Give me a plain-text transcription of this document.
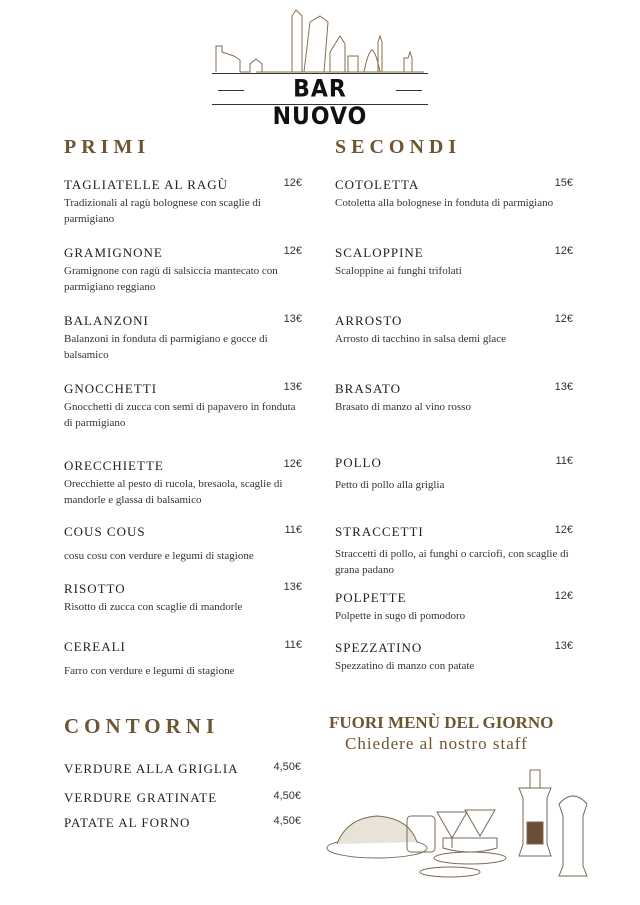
BAR NUOVO
PRIMI	SECONDI
TAGLIATELLE AL RAGÙ	12€
Tradizionali al ragù bolognese con scaglie di parmigiano
GRAMIGNONE	12€
Gramignone con ragù di salsiccia mantecato con parmigiano reggiano
BALANZONI	13€
Balanzoni in fonduta di parmigiano e gocce di balsamico
GNOCCHETTI	13€
Gnocchetti di zucca con semi di papavero in fonduta di parmigiano
ORECCHIETTE	12€
Orecchiette al pesto di rucola, bresaola, scaglie di mandorle e glassa di balsamico
COUS COUS	11€
cosu cosu con verdure e legumi di stagione
RISOTTO	13€
Risotto di zucca con scaglie di mandorle
CEREALI	11€
Farro con verdure e legumi di stagione
COTOLETTA	15€
Cotoletta alla bolognese in fonduta di parmigiano
SCALOPPINE	12€
Scaloppine ai funghi trifolati
ARROSTO	12€
Arrosto di tacchino in salsa demi glace
BRASATO	13€
Brasato di manzo al vino rosso
POLLO	11€
Petto di pollo alla griglia
STRACCETTI	12€
Straccetti di pollo, ai funghi o carciofi, con scaglie di grana padano
POLPETTE	12€
Polpette in sugo di pomodoro
SPEZZATINO	13€
Spezzatino di manzo con patate
CONTORNI
VERDURE ALLA GRIGLIA	4,50€
VERDURE GRATINATE	4,50€
PATATE AL FORNO	4,50€
FUORI MENÙ DEL GIORNO
Chiedere al nostro staff
